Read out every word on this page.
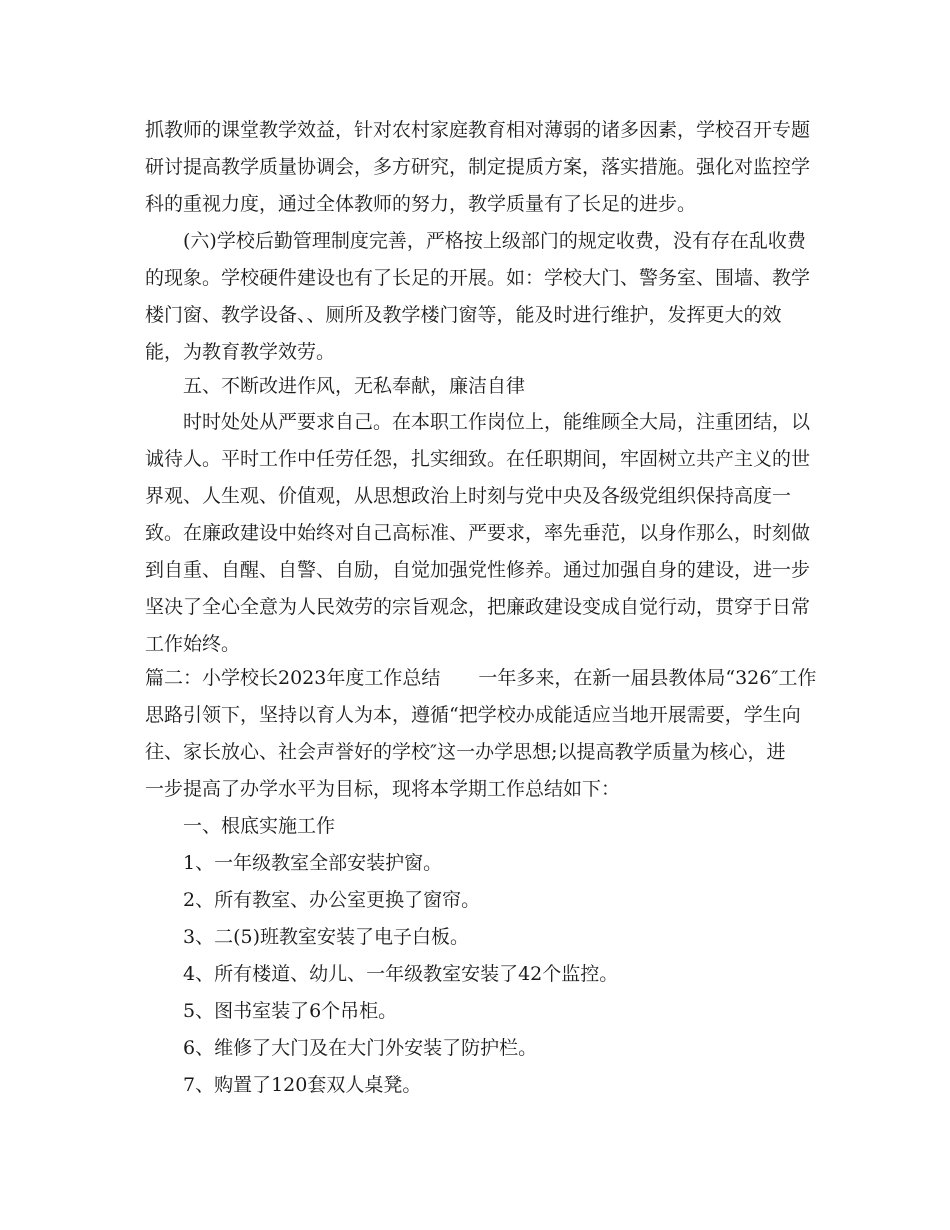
抓教师的课堂教学效益，针对农村家庭教育相对薄弱的诸多因素，学校召开专题
研讨提高教学质量协调会，多方研究，制定提质方案，落实措施。强化对监控学
科的重视力度，通过全体教师的努力，教学质量有了长足的进步。
(六)学校后勤管理制度完善，严格按上级部门的规定收费，没有存在乱收费
的现象。学校硬件建设也有了长足的开展。如：学校大门、警务室、围墙、教学
楼门窗、教学设备、、厕所及教学楼门窗等，能及时进行维护，发挥更大的效
能，为教育教学效劳。
五、不断改进作风，无私奉献，廉洁自律
时时处处从严要求自己。在本职工作岗位上，能维顾全大局，注重团结，以
诚待人。平时工作中任劳任怨，扎实细致。在任职期间，牢固树立共产主义的世
界观、人生观、价值观，从思想政治上时刻与党中央及各级党组织保持高度一
致。在廉政建设中始终对自己高标准、严要求，率先垂范，以身作那么，时刻做
到自重、自醒、自警、自励，自觉加强党性修养。通过加强自身的建设，进一步
坚决了全心全意为人民效劳的宗旨观念，把廉政建设变成自觉行动，贯穿于日常
工作始终。
篇二：小学校长2023年度工作总结　　一年多来，在新一届县教体局“326″工作
思路引领下，坚持以育人为本，遵循“把学校办成能适应当地开展需要，学生向
往、家长放心、社会声誉好的学校″这一办学思想;以提高教学质量为核心，进
一步提高了办学水平为目标，现将本学期工作总结如下：
一、根底实施工作
1、一年级教室全部安装护窗。
2、所有教室、办公室更换了窗帘。
3、二(5)班教室安装了电子白板。
4、所有楼道、幼儿、一年级教室安装了42个监控。
5、图书室装了6个吊柜。
6、维修了大门及在大门外安装了防护栏。
7、购置了120套双人桌凳。
